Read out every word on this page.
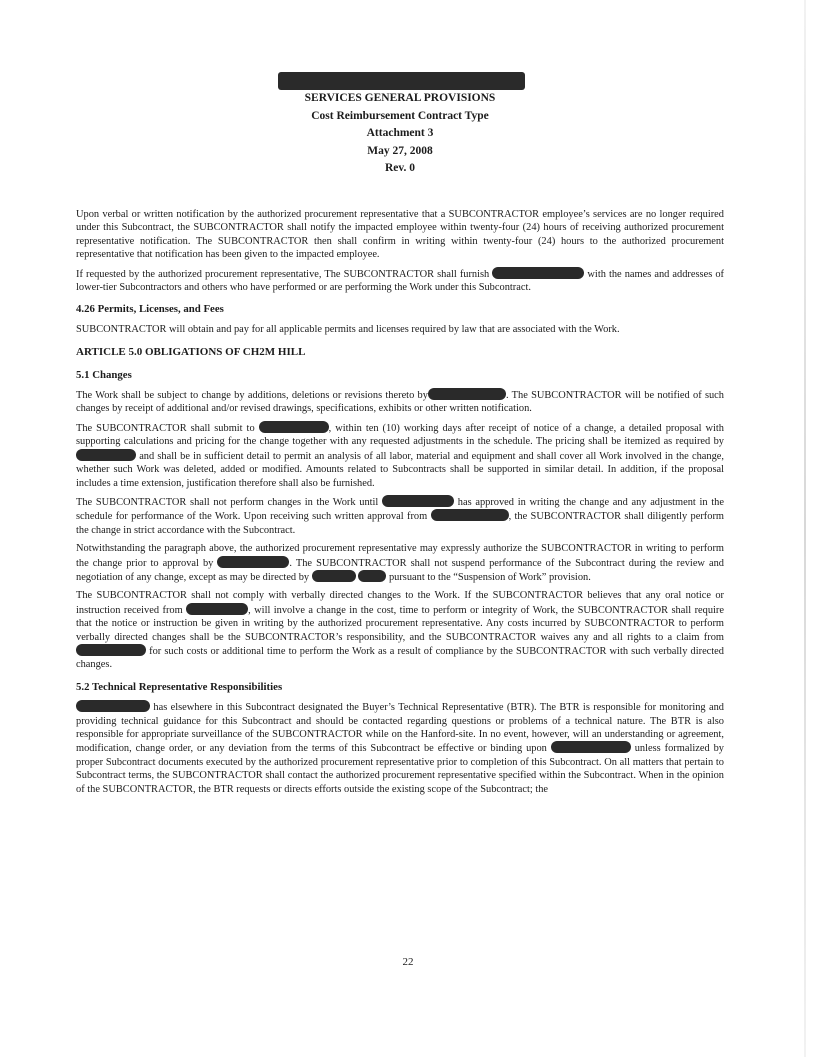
SERVICES GENERAL PROVISIONS
Cost Reimbursement Contract Type
Attachment 3
May 27, 2008
Rev. 0

Upon verbal or written notification by the authorized procurement representative that a SUBCONTRACTOR employee’s services are no longer required under this Subcontract, the SUBCONTRACTOR shall notify the impacted employee within twenty-four (24) hours of receiving authorized procurement representative notification. The SUBCONTRACTOR then shall confirm in writing within twenty-four (24) hours to the authorized procurement representative that notification has been given to the impacted employee.

If requested by the authorized procurement representative, The SUBCONTRACTOR shall furnish	with the names and addresses of lower-tier Subcontractors and others who have performed or are performing the Work under this Subcontract.

4.26 Permits, Licenses, and Fees

SUBCONTRACTOR will obtain and pay for all applicable permits and licenses required by law that are associated with the Work.

ARTICLE 5.0 OBLIGATIONS OF CH2M HILL
5.1 Changes

The Work shall be subject to change by additions, deletions or revisions thereto by	. The SUBCONTRACTOR will be notified of such changes by receipt of additional and/or revised drawings, specifications, exhibits or other written notification.

The SUBCONTRACTOR shall submit to	, within ten (10) working days after receipt of notice of a change, a detailed proposal with supporting calculations and pricing for the change together with any requested adjustments in the schedule. The pricing shall be itemized as required by  and shall be in sufficient detail to permit an analysis of all labor, material and equipment and shall cover all Work involved in the change, whether such Work was deleted, added or modified. Amounts related to Subcontracts shall be supported in similar detail. In addition, if the proposal includes a time extension, justification therefore shall also be furnished.

The SUBCONTRACTOR shall not perform changes in the Work until	has approved in writing the change and any adjustment in the schedule for performance of the Work. Upon receiving such written approval from	, the SUBCONTRACTOR shall diligently perform the change in strict accordance with the Subcontract.

Notwithstanding the paragraph above, the authorized procurement representative may expressly authorize the SUBCONTRACTOR in writing to perform the change prior to approval by	. The SUBCONTRACTOR shall not suspend performance of the Subcontract during the review and negotiation of any change, except as may be directed by	pursuant to the “Suspension of Work” provision.

The SUBCONTRACTOR shall not comply with verbally directed changes to the Work. If the SUBCONTRACTOR believes that any oral notice or instruction received from	, will involve a change in the cost, time to perform or integrity of Work, the SUBCONTRACTOR shall require that the notice or instruction be given in writing by the authorized procurement representative. Any costs incurred by SUBCONTRACTOR to perform verbally directed changes shall be the SUBCONTRACTOR’s responsibility, and the SUBCONTRACTOR waives any and all rights to a claim from  for such costs or additional time to perform the Work as a result of compliance by the SUBCONTRACTOR with such verbally directed changes.

5.2 Technical Representative Responsibilities

has elsewhere in this Subcontract designated the Buyer’s Technical Representative (BTR). The BTR is responsible for monitoring and providing technical guidance for this Subcontract and should be contacted regarding questions or problems of a technical nature. The BTR is also responsible for appropriate surveillance of the SUBCONTRACTOR while on the Hanford-site. In no event, however, will an understanding or agreement, modification, change order, or any deviation from the terms of this Subcontract be effective or binding upon	unless formalized by proper Subcontract documents executed by the authorized procurement representative prior to completion of this Subcontract. On all matters that pertain to Subcontract terms, the SUBCONTRACTOR shall contact the authorized procurement representative specified within the Subcontract. When in the opinion of the SUBCONTRACTOR, the BTR requests or directs efforts outside the existing scope of the Subcontract; the

22
